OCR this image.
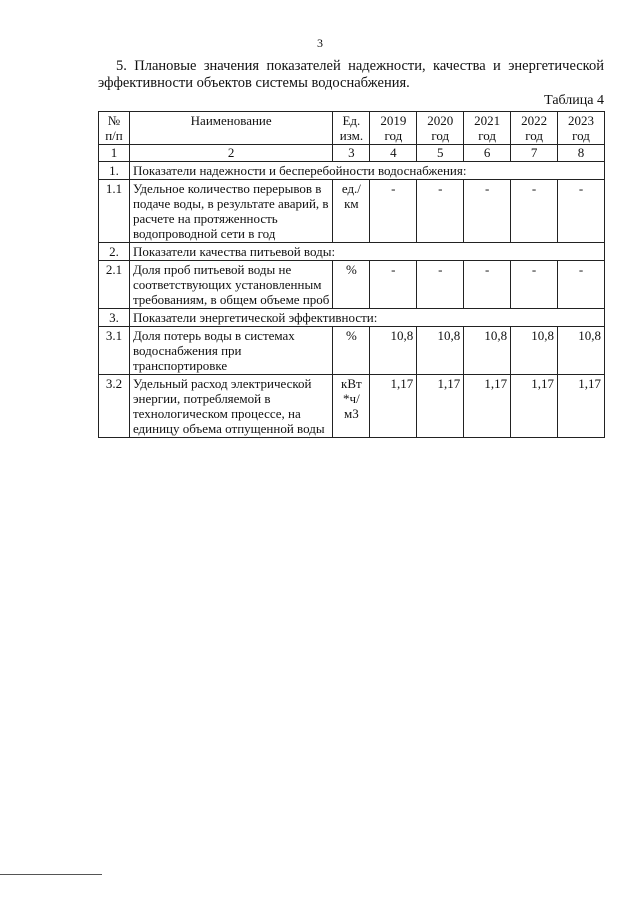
3
5. Плановые значения показателей надежности, качества и энергетической
эффективности объектов системы водоснабжения.
Таблица 4
№ п/п	Наименование	Ед. изм.	2019 год	2020 год	2021 год	2022 год	2023 год
1	2	3	4	5	6	7	8
1.	Показатели надежности и бесперебойности водоснабжения:						
1.1	Удельное количество перерывов в подаче воды, в результате аварий, в расчете на протяженность водопроводной сети в год	ед./ км	-	-	-	-	-
2.	Показатели качества питьевой воды:						
2.1	Доля проб питьевой воды не соответствующих установленным требованиям, в общем объеме проб	%	-	-	-	-	-
3.	Показатели энергетической эффективности:						
3.1	Доля потерь воды в системах водоснабжения при транспортировке	%	10,8	10,8	10,8	10,8	10,8
3.2	Удельный расход электрической энергии, потребляемой в технологическом процессе, на единицу объема отпущенной воды	кВт *ч/ м3	1,17	1,17	1,17	1,17	1,17
